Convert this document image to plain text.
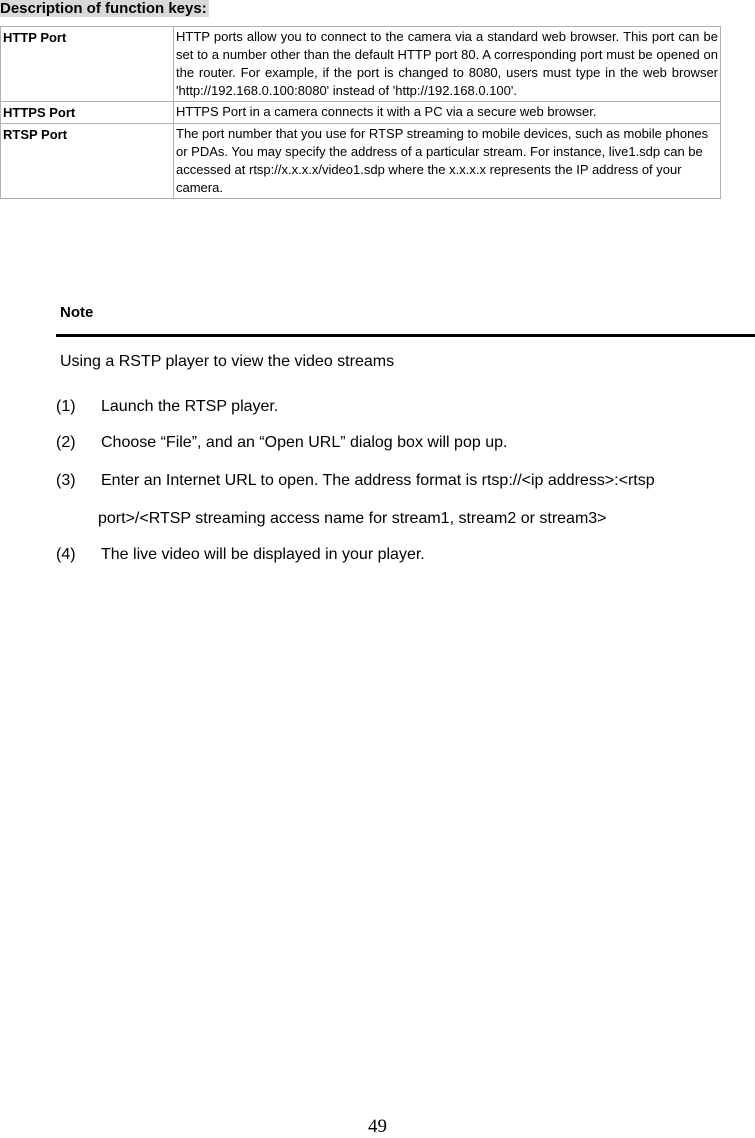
Description of function keys:
HTTP Port	HTTP ports allow you to connect to the camera via a standard web browser. This port can be set to a number other than the default HTTP port 80. A corresponding port must be opened on the router. For example, if the port is changed to 8080, users must type in the web browser 'http://192.168.0.100:8080' instead of 'http://192.168.0.100'.
HTTPS Port	HTTPS Port in a camera connects it with a PC via a secure web browser.
RTSP Port	The port number that you use for RTSP streaming to mobile devices, such as mobile phones or PDAs. You may specify the address of a particular stream. For instance, live1.sdp can be accessed at rtsp://x.x.x.x/video1.sdp where the x.x.x.x represents the IP address of your camera.
Note
Using a RSTP player to view the video streams
(1) Launch the RTSP player.
(2) Choose “File”, and an “Open URL” dialog box will pop up.
(3) Enter an Internet URL to open. The address format is rtsp://<ip address>:<rtsp
port>/<RTSP streaming access name for stream1, stream2 or stream3>
(4) The live video will be displayed in your player.
49
